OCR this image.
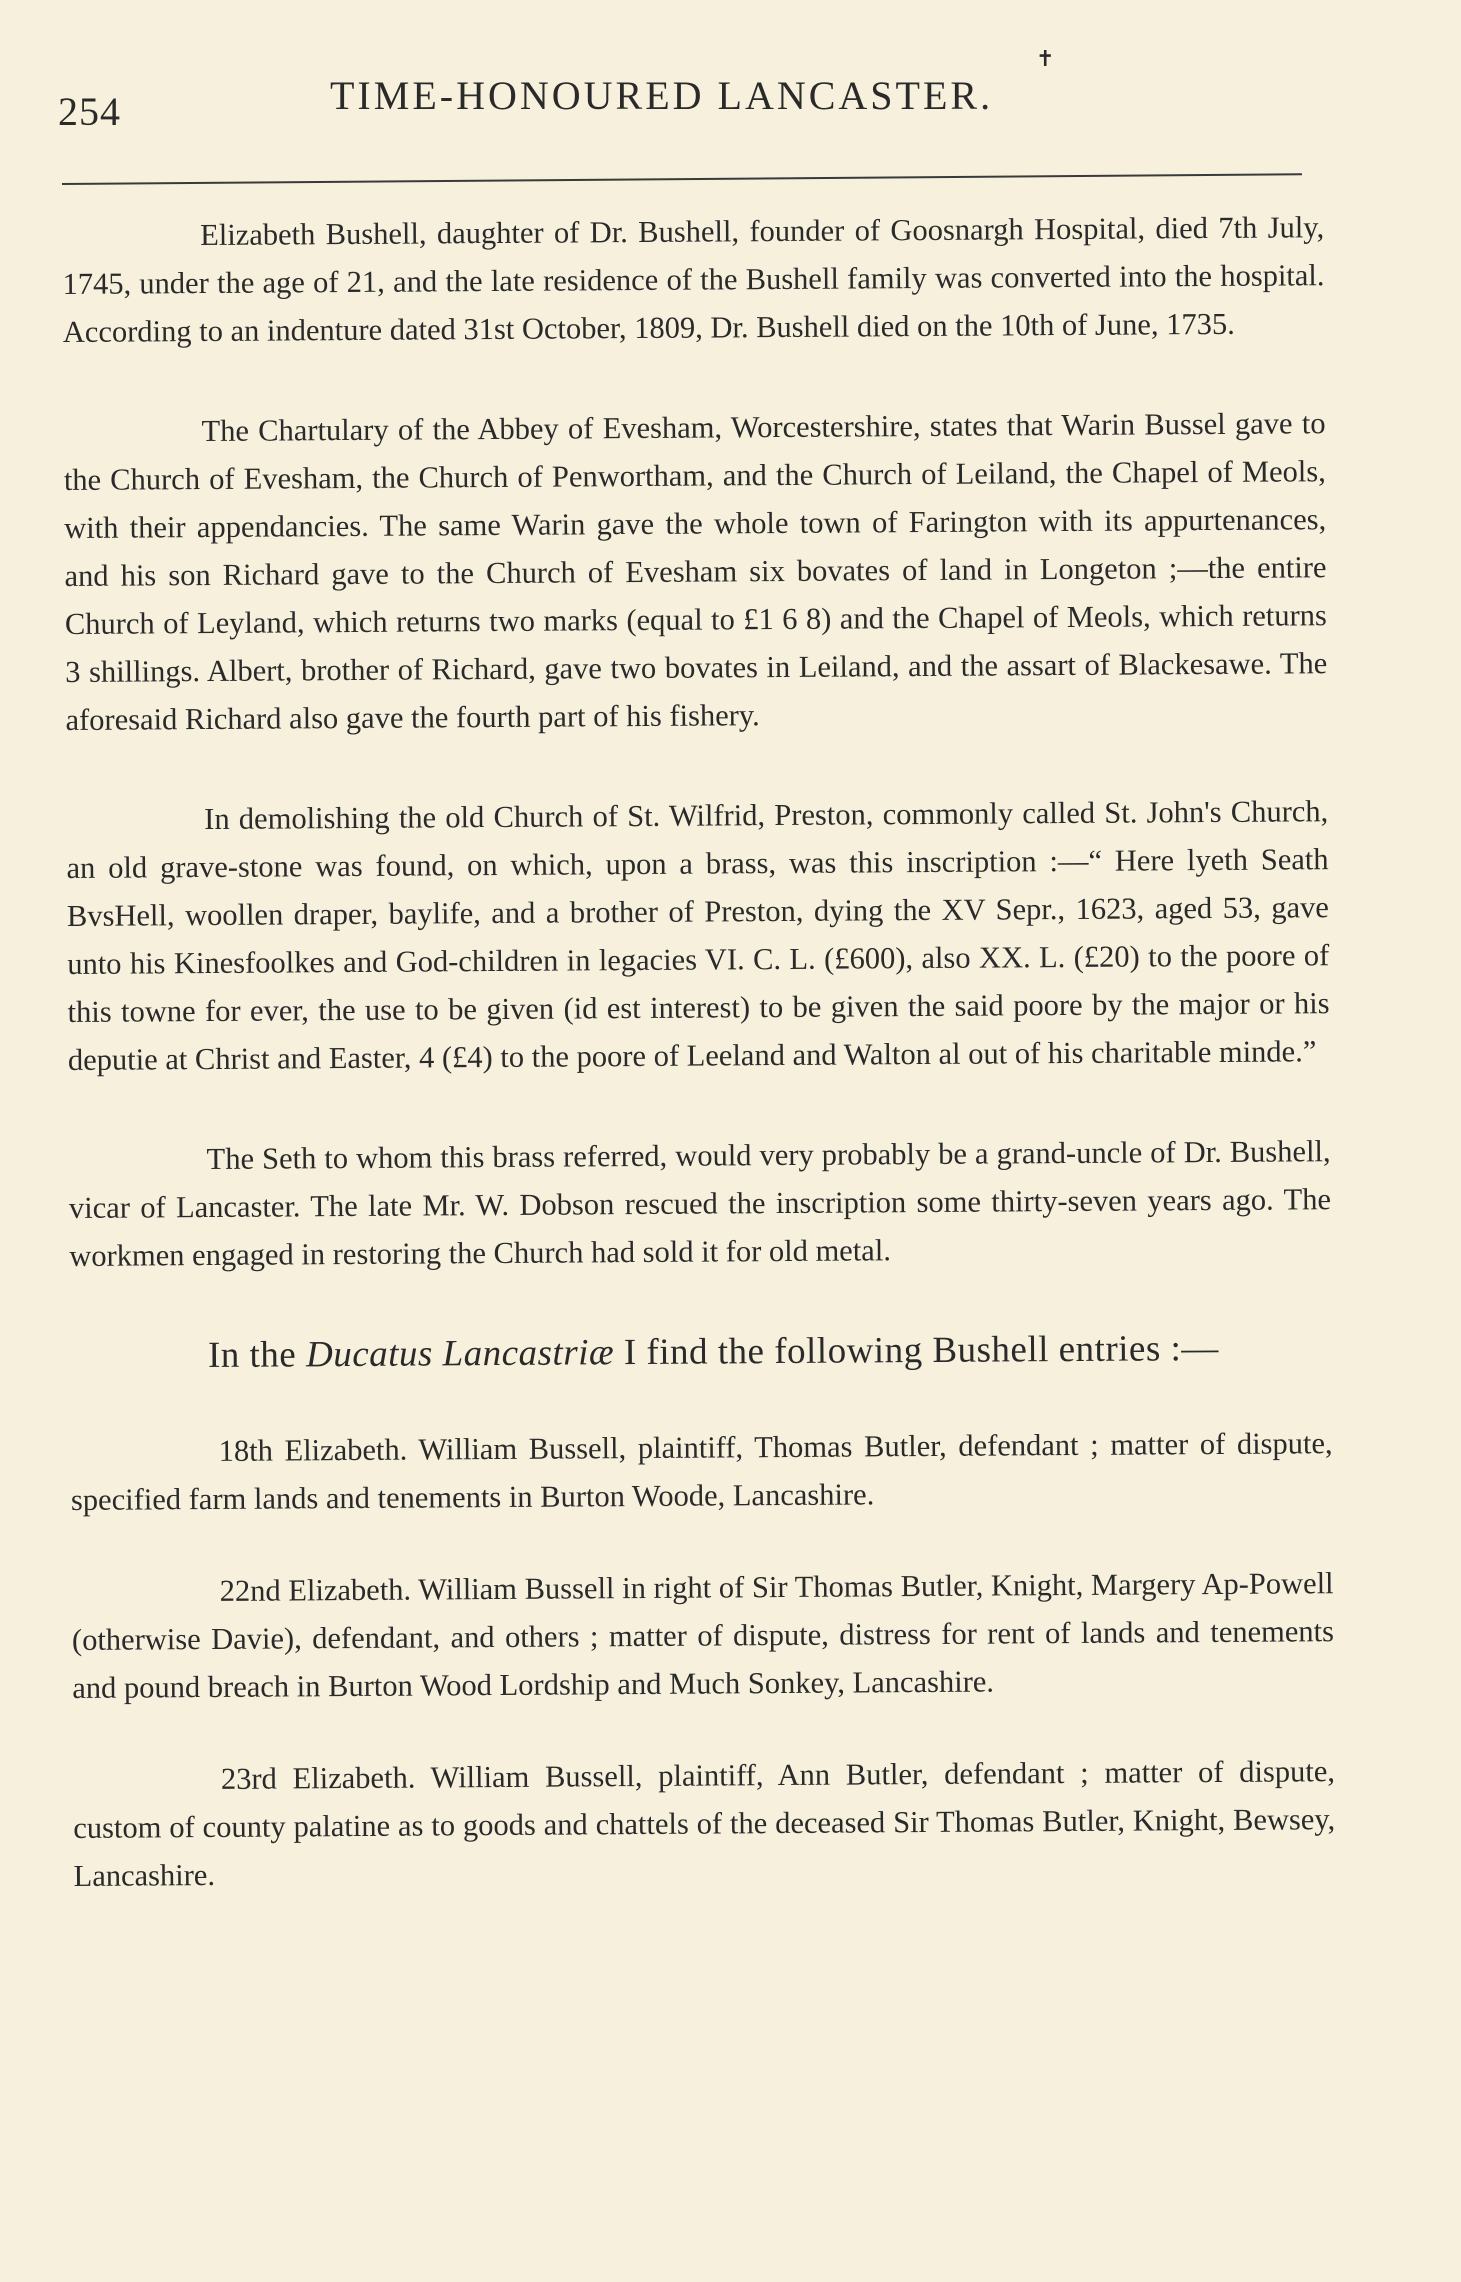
254	TIME-HONOURED LANCASTER.
✝

Elizabeth Bushell, daughter of Dr. Bushell, founder of Goosnargh Hospital, died 7th July, 1745, under the age of 21, and the late residence of the Bushell family was converted into the hospital. According to an indenture dated 31st October, 1809, Dr. Bushell died on the 10th of June, 1735.

The Chartulary of the Abbey of Evesham, Worcestershire, states that Warin Bussel gave to the Church of Evesham, the Church of Penwortham, and the Church of Leiland, the Chapel of Meols, with their appendancies. The same Warin gave the whole town of Farington with its appurtenances, and his son Richard gave to the Church of Evesham six bovates of land in Longeton ;—the entire Church of Leyland, which returns two marks (equal to £1 6 8) and the Chapel of Meols, which returns 3 shillings. Albert, brother of Richard, gave two bovates in Leiland, and the assart of Blackesawe. The aforesaid Richard also gave the fourth part of his fishery.

In demolishing the old Church of St. Wilfrid, Preston, commonly called St. John's Church, an old grave-stone was found, on which, upon a brass, was this inscription :—“ Here lyeth Seath BvsHell, woollen draper, baylife, and a brother of Preston, dying the XV Sepr., 1623, aged 53, gave unto his Kinesfoolkes and God-children in legacies VI. C. L. (£600), also XX. L. (£20) to the poore of this towne for ever, the use to be given (id est interest) to be given the said poore by the major or his deputie at Christ and Easter, 4 (£4) to the poore of Leeland and Walton al out of his charitable minde.”

The Seth to whom this brass referred, would very probably be a grand-uncle of Dr. Bushell, vicar of Lancaster. The late Mr. W. Dobson rescued the inscription some thirty-seven years ago. The workmen engaged in restoring the Church had sold it for old metal.

In the Ducatus Lancastriæ I find the following Bushell entries :—

18th Elizabeth. William Bussell, plaintiff, Thomas Butler, defendant ; matter of dispute, specified farm lands and tenements in Burton Woode, Lancashire.

22nd Elizabeth. William Bussell in right of Sir Thomas Butler, Knight, Margery Ap-Powell (otherwise Davie), defendant, and others ; matter of dispute, distress for rent of lands and tenements and pound breach in Burton Wood Lordship and Much Sonkey, Lancashire.

23rd Elizabeth. William Bussell, plaintiff, Ann Butler, defendant ; matter of dispute, custom of county palatine as to goods and chattels of the deceased Sir Thomas Butler, Knight, Bewsey, Lancashire.
